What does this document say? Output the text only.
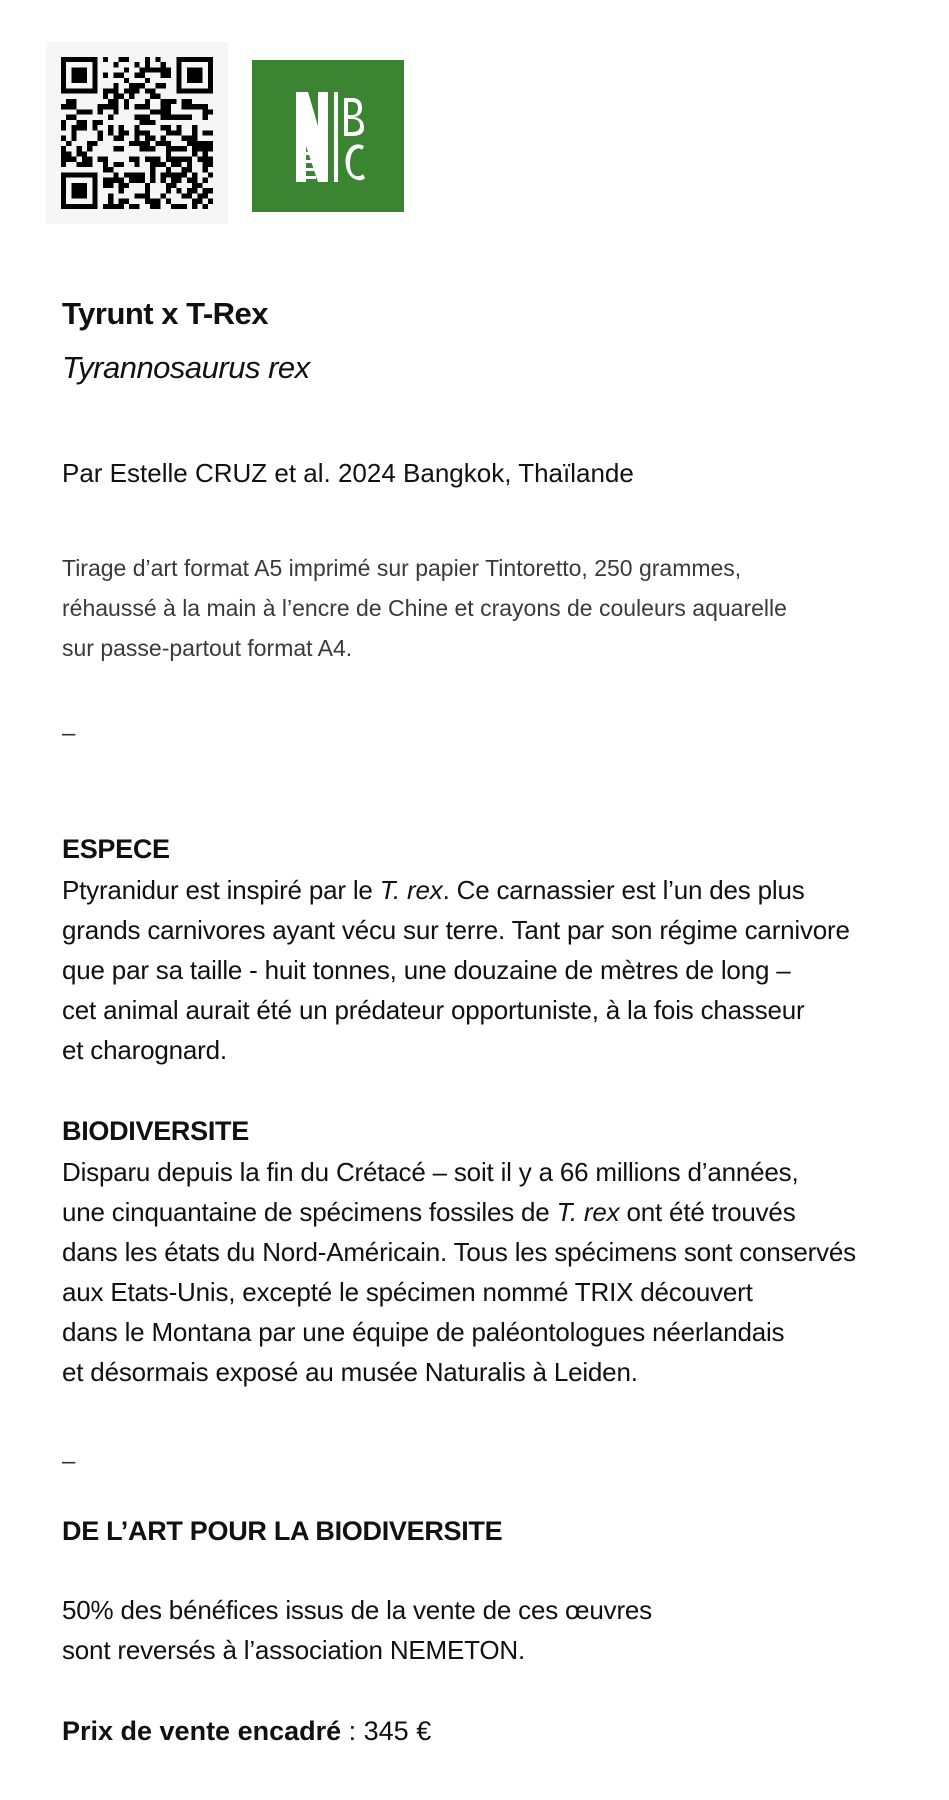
Tyrunt x T-Rex
Tyrannosaurus rex
Par Estelle CRUZ et al. 2024 Bangkok, Thaïlande
Tirage d’art format A5 imprimé sur papier Tintoretto, 250 grammes,
réhaussé à la main à l’encre de Chine et crayons de couleurs aquarelle
sur passe-partout format A4.
–
ESPECE
Ptyranidur est inspiré par le T. rex. Ce carnassier est l’un des plus
grands carnivores ayant vécu sur terre. Tant par son régime carnivore
que par sa taille - huit tonnes, une douzaine de mètres de long –
cet animal aurait été un prédateur opportuniste, à la fois chasseur
et charognard.
BIODIVERSITE
Disparu depuis la fin du Crétacé – soit il y a 66 millions d’années,
une cinquantaine de spécimens fossiles de T. rex ont été trouvés
dans les états du Nord-Américain. Tous les spécimens sont conservés
aux Etats-Unis, excepté le spécimen nommé TRIX découvert
dans le Montana par une équipe de paléontologues néerlandais
et désormais exposé au musée Naturalis à Leiden.
–
DE L’ART POUR LA BIODIVERSITE
50% des bénéfices issus de la vente de ces œuvres
sont reversés à l’association NEMETON.
Prix de vente encadré : 345 €
